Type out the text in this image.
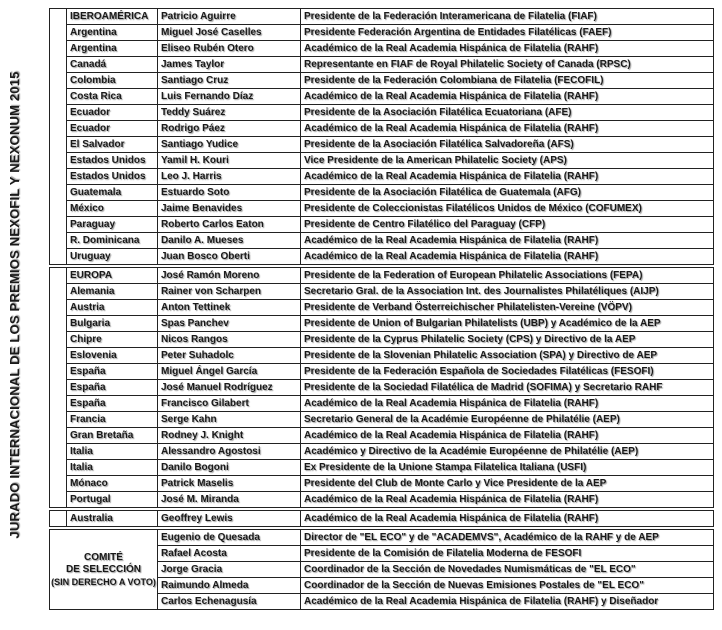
JURADO INTERNACIONAL DE LOS PREMIOS NEXOFIL Y NEXONUM 2015
	IBEROAMÉRICA	Patricio Aguirre	Presidente de la Federación Interamericana de Filatelia (FIAF)
	Argentina	Miguel José Caselles	Presidente Federación Argentina de Entidades Filatélicas (FAEF)
	Argentina	Eliseo Rubén Otero	Académico de la Real Academia Hispánica de Filatelia (RAHF)
	Canadá	James Taylor	Representante en FIAF de Royal Philatelic Society of Canada (RPSC)
	Colombia	Santiago Cruz	Presidente de la Federación Colombiana de Filatelia (FECOFIL)
	Costa Rica	Luis Fernando Díaz	Académico de la Real Academia Hispánica de Filatelia (RAHF)
	Ecuador	Teddy Suárez	Presidente de la Asociación Filatélica Ecuatoriana (AFE)
	Ecuador	Rodrigo Páez	Académico de la Real Academia Hispánica de Filatelia (RAHF)
	El Salvador	Santiago Yudice	Presidente de la Asociación Filatélica Salvadoreña (AFS)
	Estados Unidos	Yamil H. Kouri	Vice Presidente de la American Philatelic Society (APS)
	Estados Unidos	Leo J. Harris	Académico de la Real Academia Hispánica de Filatelia (RAHF)
	Guatemala	Estuardo Soto	Presidente de la Asociación Filatélica de Guatemala (AFG)
	México	Jaime Benavides	Presidente de Coleccionistas Filatélicos Unidos de México (COFUMEX)
	Paraguay	Roberto Carlos Eaton	Presidente de Centro Filatélico del Paraguay (CFP)
	R. Dominicana	Danilo A. Mueses	Académico de la Real Academia Hispánica de Filatelia (RAHF)
	Uruguay	Juan Bosco Oberti	Académico de la Real Academia Hispánica de Filatelia (RAHF)

	EUROPA	José Ramón Moreno	Presidente de la Federation of European Philatelic Associations (FEPA)
	Alemania	Rainer von Scharpen	Secretario Gral. de la Association Int. des Journalistes Philatéliques (AIJP)
	Austria	Anton Tettinek	Presidente de Verband Österreichischer Philatelisten-Vereine (VÖPV)
	Bulgaria	Spas Panchev	Presidente de Union of Bulgarian Philatelists (UBP) y Académico de la AEP
	Chipre	Nicos Rangos	Presidente de la Cyprus Philatelic Society (CPS) y Directivo de la AEP
	Eslovenia	Peter Suhadolc	Presidente de la Slovenian Philatelic Association (SPA) y Directivo de AEP
	España	Miguel Ángel García	Presidente de la Federación Española de Sociedades Filatélicas (FESOFI)
	España	José Manuel Rodríguez	Presidente de la Sociedad Filatélica de Madrid (SOFIMA) y Secretario RAHF
	España	Francisco Gilabert	Académico de la Real Academia Hispánica de Filatelia (RAHF)
	Francia	Serge Kahn	Secretario General de la Académie Européenne de Philatélie (AEP)
	Gran Bretaña	Rodney J. Knight	Académico de la Real Academia Hispánica de Filatelia (RAHF)
	Italia	Alessandro Agostosi	Académico y Directivo de la Académie Européenne de Philatélie (AEP)
	Italia	Danilo Bogoni	Ex Presidente de la Unione Stampa Filatelica Italiana (USFI)
	Mónaco	Patrick Maselis	Presidente del Club de Monte Carlo y Vice Presidente de la AEP
	Portugal	José M. Miranda	Académico de la Real Academia Hispánica de Filatelia (RAHF)

	Australia	Geoffrey Lewis	Académico de la Real Academia Hispánica de Filatelia (RAHF)

COMITÉ
DE SELECCIÓN
(SIN DERECHO A VOTO)		Eugenio de Quesada	Director de "EL ECO" y de "ACADEMVS", Académico de la RAHF y de AEP
		Rafael Acosta	Presidente de la Comisión de Filatelia Moderna de FESOFI
		Jorge Gracia	Coordinador de la Sección de Novedades Numismáticas de "EL ECO"
		Raimundo Almeda	Coordinador de la Sección de Nuevas Emisiones Postales de "EL ECO"
		Carlos Echenagusía	Académico de la Real Academia Hispánica de Filatelia (RAHF) y Diseñador
